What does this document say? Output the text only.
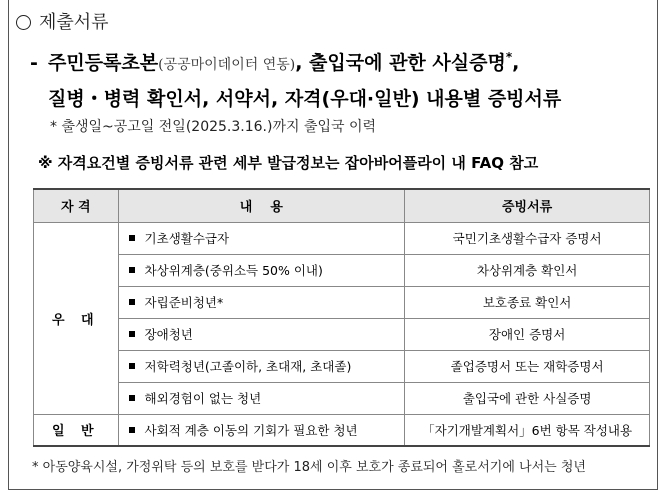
제출서류
- 주민등록초본(공공마이데이터 연동), 출입국에 관한 사실증명*,
질병・병력 확인서, 서약서, 자격(우대·일반) 내용별 증빙서류
* 출생일~공고일 전일(2025.3.16.)까지 출입국 이력
※ 자격요건별 증빙서류 관련 세부 발급정보는 잡아바어플라이 내 FAQ 참고
자 격	내    용	증빙서류
우 대	기초생활수급자	국민기초생활수급자 증명서
	차상위계층(중위소득 50% 이내)	차상위계층 확인서
	자립준비청년*	보호종료 확인서
	장애청년	장애인 증명서
	저학력청년(고졸이하, 초대재, 초대졸)	졸업증명서 또는 재학증명서
	해외경험이 없는 청년	출입국에 관한 사실증명
일 반	사회적 계층 이동의 기회가 필요한 청년	「자기개발계획서」6번 항목 작성내용
* 아동양육시설, 가정위탁 등의 보호를 받다가 18세 이후 보호가 종료되어 홀로서기에 나서는 청년
